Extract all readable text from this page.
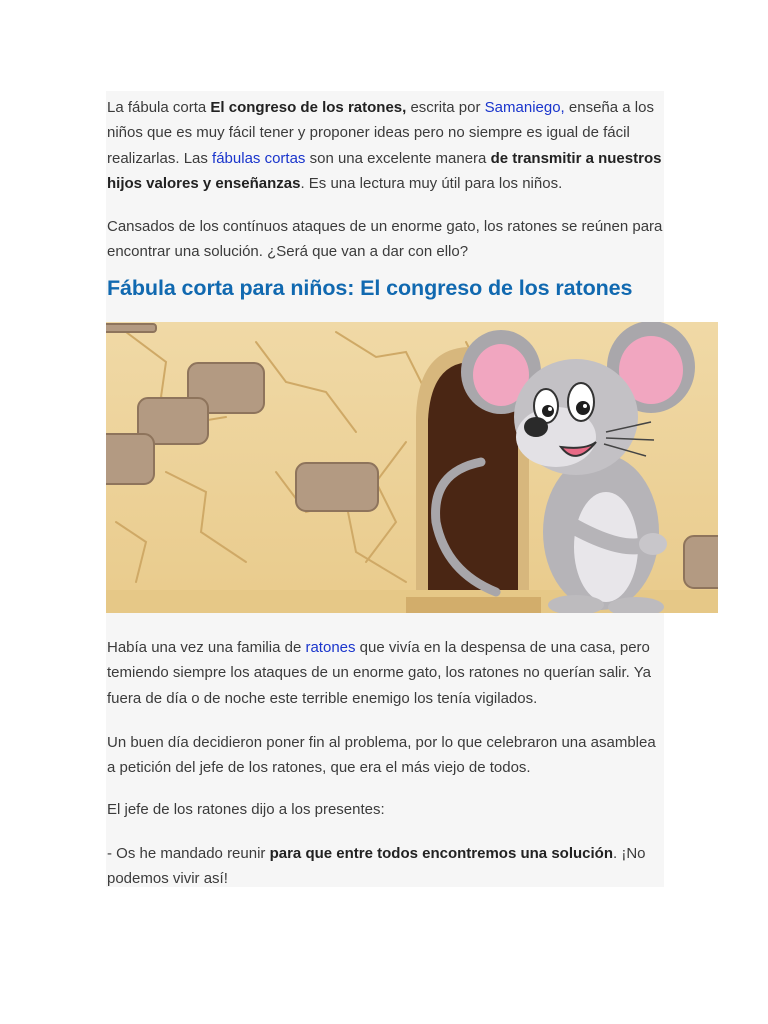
La fábula corta El congreso de los ratones, escrita por Samaniego, enseña a los niños que es muy fácil tener y proponer ideas pero no siempre es igual de fácil realizarlas. Las fábulas cortas son una excelente manera de transmitir a nuestros hijos valores y enseñanzas. Es una lectura muy útil para los niños.

Cansados de los contínuos ataques de un enorme gato, los ratones se reúnen para encontrar una solución. ¿Será que van a dar con ello?

Fábula corta para niños: El congreso de los ratones

Había una vez una familia de ratones que vivía en la despensa de una casa, pero temiendo siempre los ataques de un enorme gato, los ratones no querían salir. Ya fuera de día o de noche este terrible enemigo los tenía vigilados.

Un buen día decidieron poner fin al problema, por lo que celebraron una asamblea a petición del jefe de los ratones, que era el más viejo de todos.

El jefe de los ratones dijo a los presentes:

- Os he mandado reunir para que entre todos encontremos una solución. ¡No podemos vivir así!
